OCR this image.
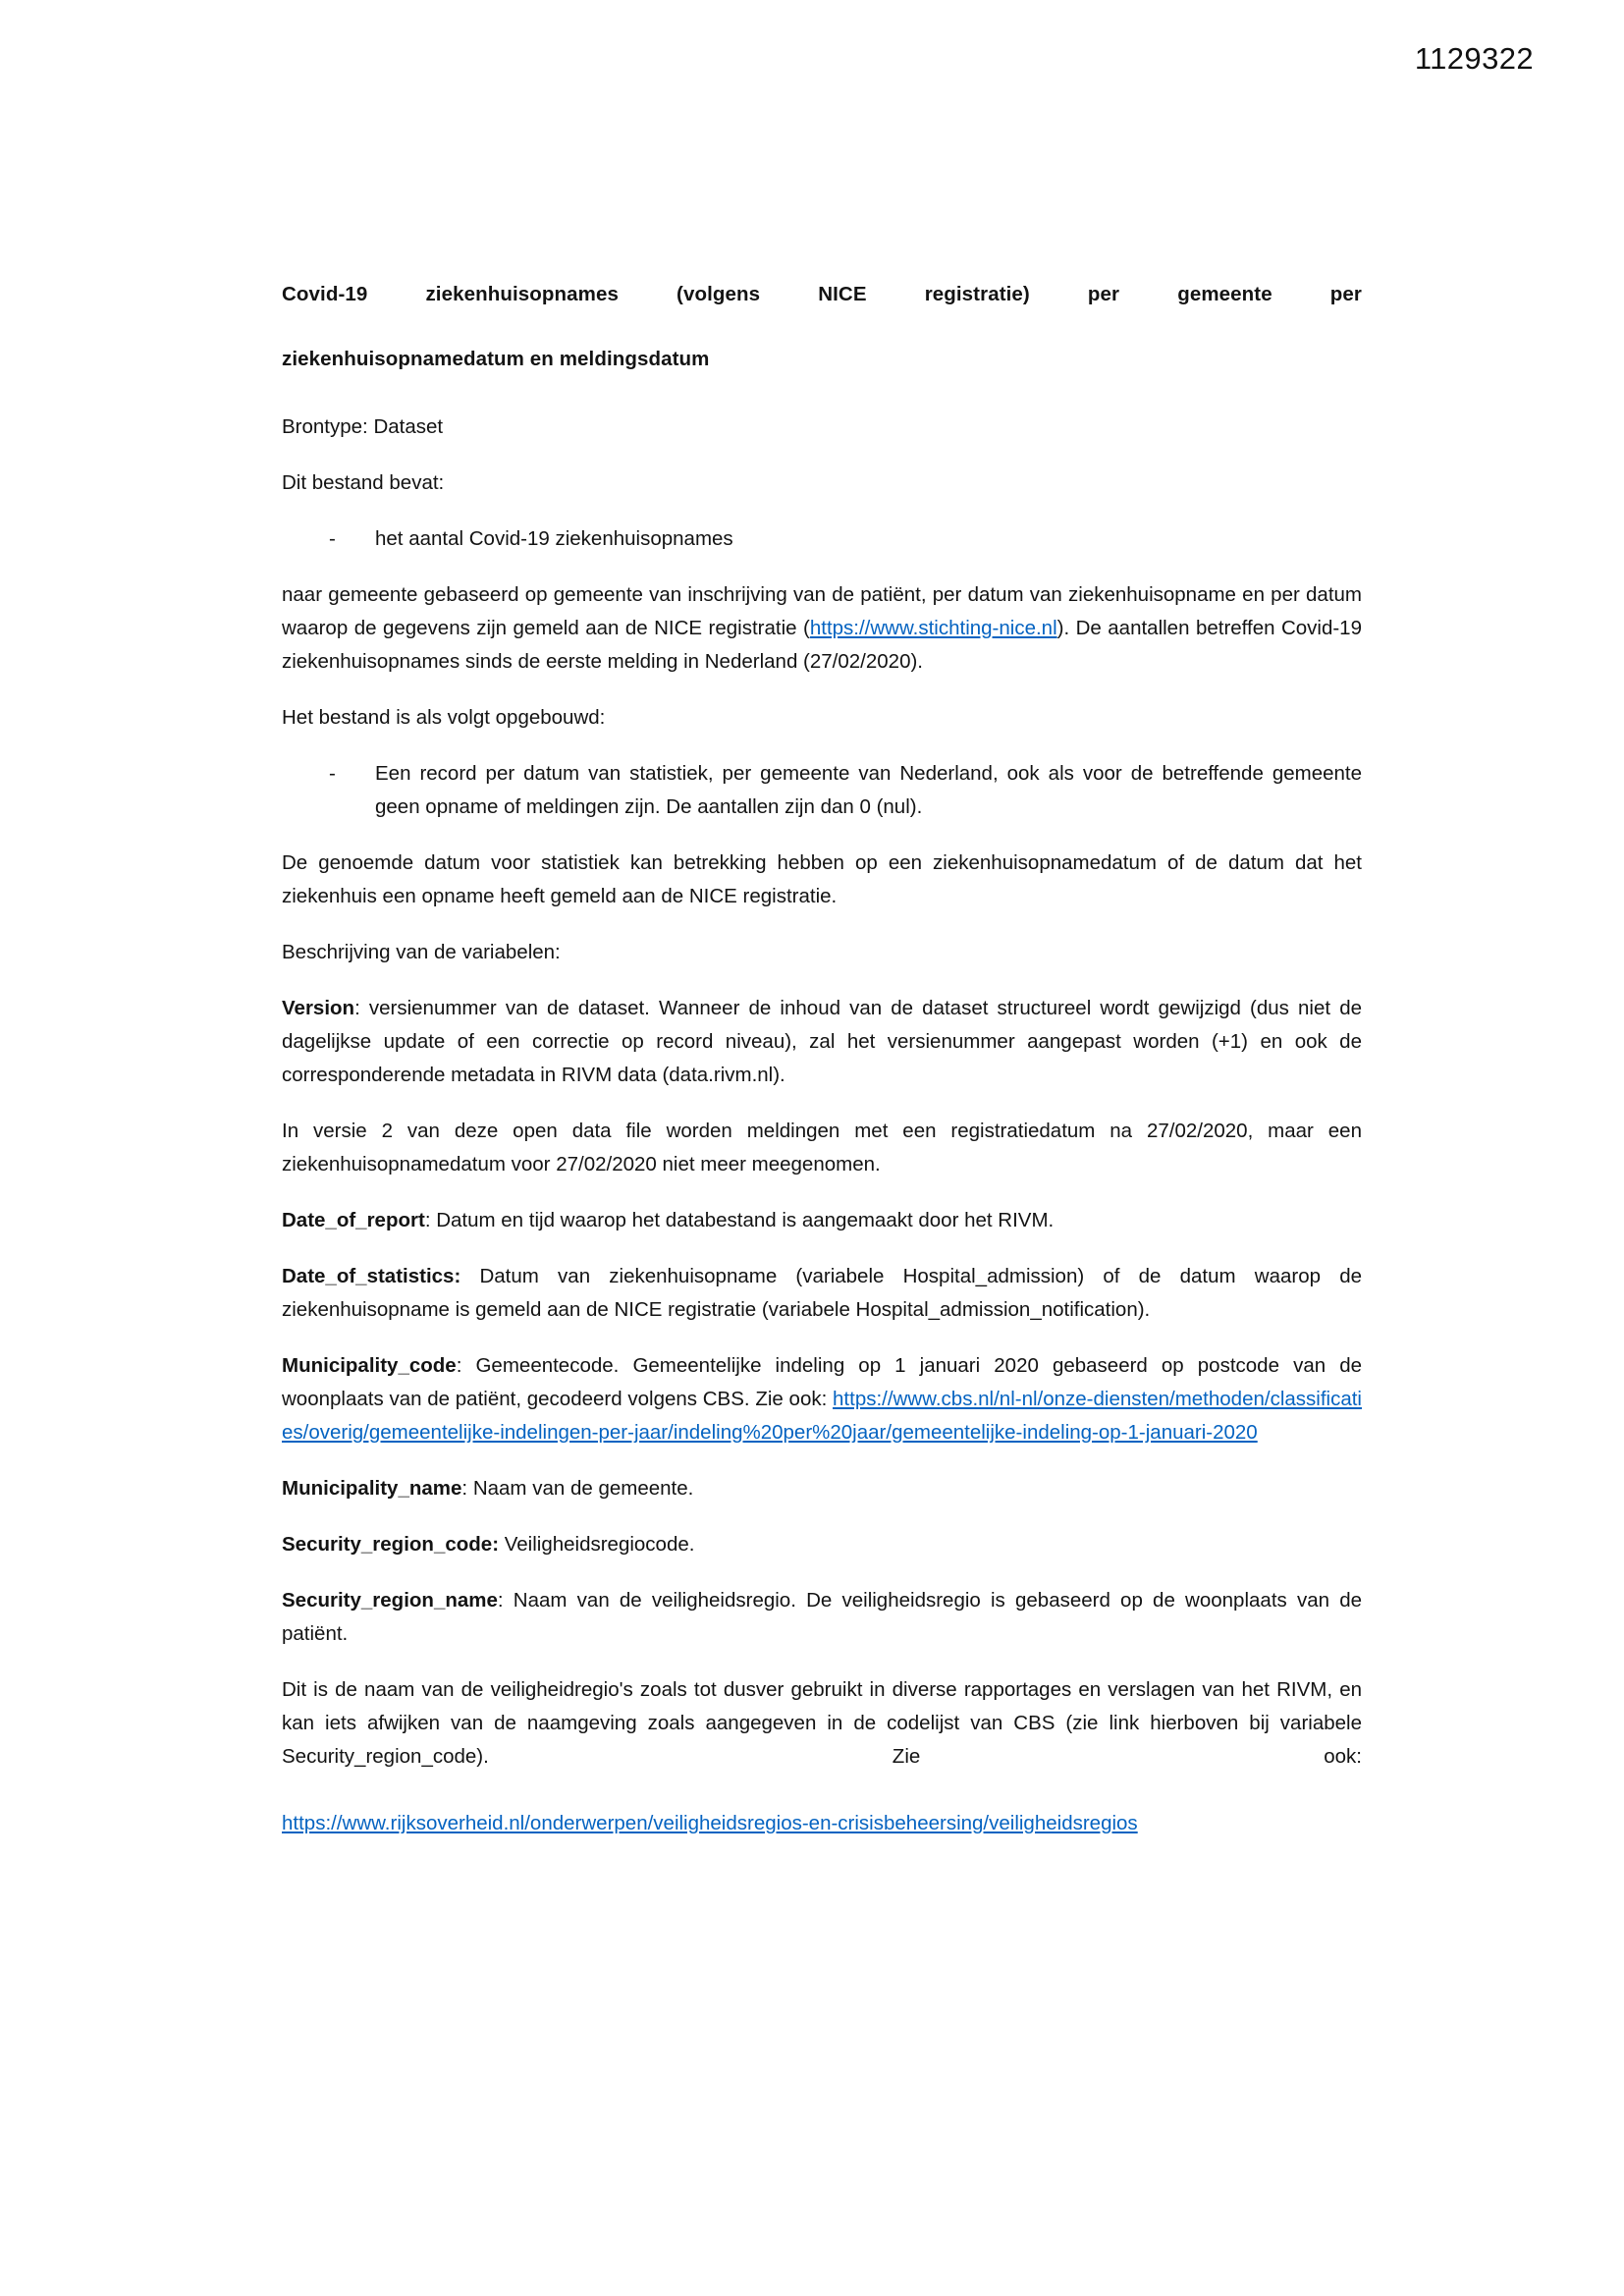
1129322
Covid-19 ziekenhuisopnames (volgens NICE registratie) per gemeente per
ziekenhuisopnamedatum en meldingsdatum

Brontype: Dataset

Dit bestand bevat:

-	het aantal Covid-19 ziekenhuisopnames

naar gemeente gebaseerd op gemeente van inschrijving van de patiënt, per datum van ziekenhuisopname en per datum waarop de gegevens zijn gemeld aan de NICE registratie (https://www.stichting-nice.nl). De aantallen betreffen Covid-19 ziekenhuisopnames sinds de eerste melding in Nederland (27/02/2020).

Het bestand is als volgt opgebouwd:

-	Een record per datum van statistiek, per gemeente van Nederland, ook als voor de betreffende gemeente geen opname of meldingen zijn. De aantallen zijn dan 0 (nul).

De genoemde datum voor statistiek kan betrekking hebben op een ziekenhuisopnamedatum of de datum dat het ziekenhuis een opname heeft gemeld aan de NICE registratie.

Beschrijving van de variabelen:

Version: versienummer van de dataset. Wanneer de inhoud van de dataset structureel wordt gewijzigd (dus niet de dagelijkse update of een correctie op record niveau), zal het versienummer aangepast worden (+1) en ook de corresponderende metadata in RIVM data (data.rivm.nl).

In versie 2 van deze open data file worden meldingen met een registratiedatum na 27/02/2020, maar een ziekenhuisopnamedatum voor 27/02/2020 niet meer meegenomen.

Date_of_report: Datum en tijd waarop het databestand is aangemaakt door het RIVM.

Date_of_statistics: Datum van ziekenhuisopname (variabele Hospital_admission) of de datum waarop de ziekenhuisopname is gemeld aan de NICE registratie (variabele Hospital_admission_notification).

Municipality_code: Gemeentecode. Gemeentelijke indeling op 1 januari 2020 gebaseerd op postcode van de woonplaats van de patiënt, gecodeerd volgens CBS. Zie ook: https://www.cbs.nl/nl-nl/onze-diensten/methoden/classificaties/overig/gemeentelijke-indelingen-per-jaar/indeling%20per%20jaar/gemeentelijke-indeling-op-1-januari-2020

Municipality_name: Naam van de gemeente.

Security_region_code: Veiligheidsregiocode.

Security_region_name: Naam van de veiligheidsregio. De veiligheidsregio is gebaseerd op de woonplaats van de patiënt.

Dit is de naam van de veiligheidregio's zoals tot dusver gebruikt in diverse rapportages en verslagen van het RIVM, en kan iets afwijken van de naamgeving zoals aangegeven in de codelijst van CBS (zie link hierboven bij variabele Security_region_code). Zie ook:https://www.rijksoverheid.nl/onderwerpen/veiligheidsregios-en-crisisbeheersing/veiligheidsregios
